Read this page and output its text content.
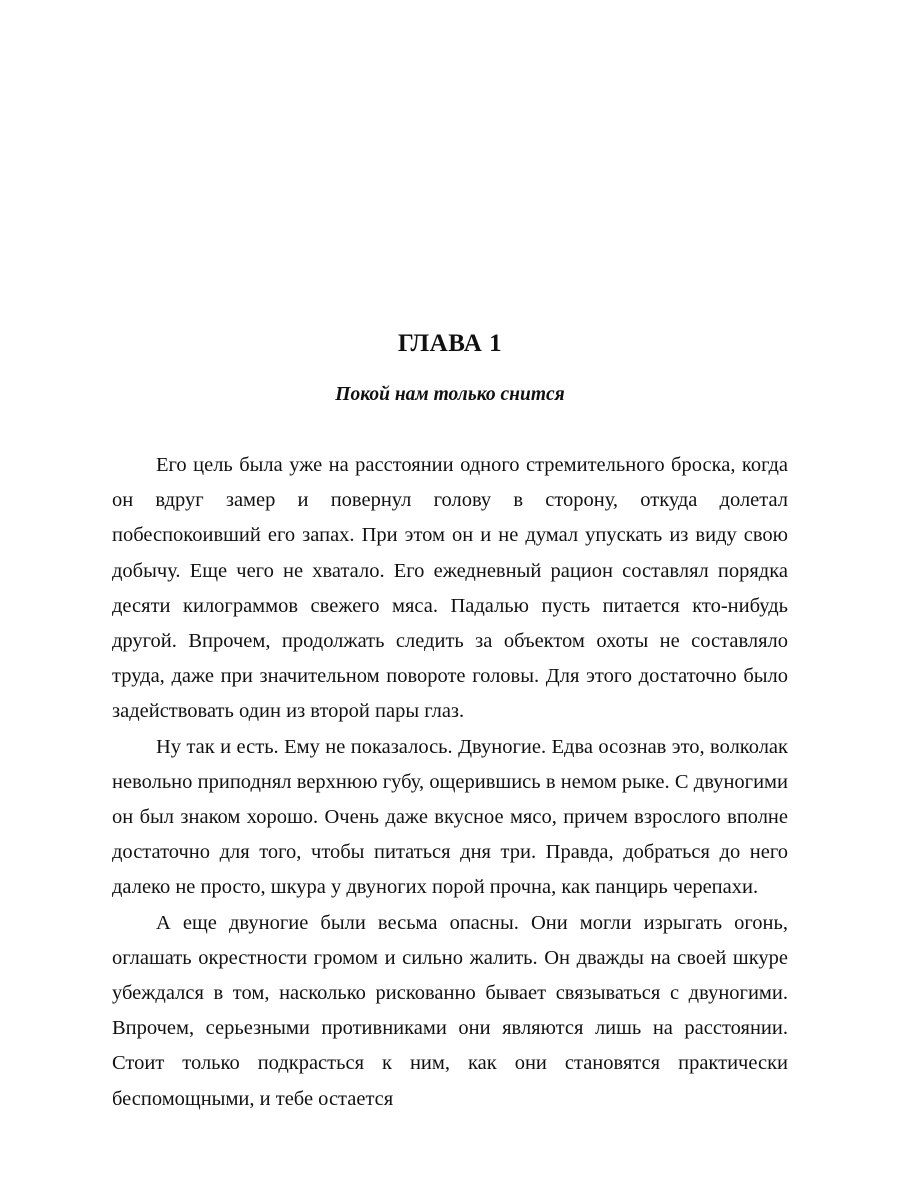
ГЛАВА 1
Покой нам только снится

Его цель была уже на расстоянии одного стремительного броска, когда он вдруг замер и повернул голову в сторону, откуда долетал побеспокоивший его запах. При этом он и не думал упускать из виду свою добычу. Еще чего не хватало. Его ежедневный рацион составлял порядка десяти килограммов свежего мяса. Падалью пусть питается кто-нибудь другой. Впрочем, продолжать следить за объектом охоты не составляло труда, даже при значительном повороте головы. Для этого достаточно было задействовать один из второй пары глаз.

Ну так и есть. Ему не показалось. Двуногие. Едва осознав это, волколак невольно приподнял верхнюю губу, ощерившись в немом рыке. С двуногими он был знаком хорошо. Очень даже вкусное мясо, причем взрослого вполне достаточно для того, чтобы питаться дня три. Правда, добраться до него далеко не просто, шкура у двуногих порой прочна, как панцирь черепахи.

А еще двуногие были весьма опасны. Они могли изрыгать огонь, оглашать окрестности громом и сильно жалить. Он дважды на своей шкуре убеждался в том, насколько рискованно бывает связываться с двуногими. Впрочем, серьезными противниками они являются лишь на расстоянии. Стоит только подкрасться к ним, как они становятся практически беспомощными, и тебе остается
